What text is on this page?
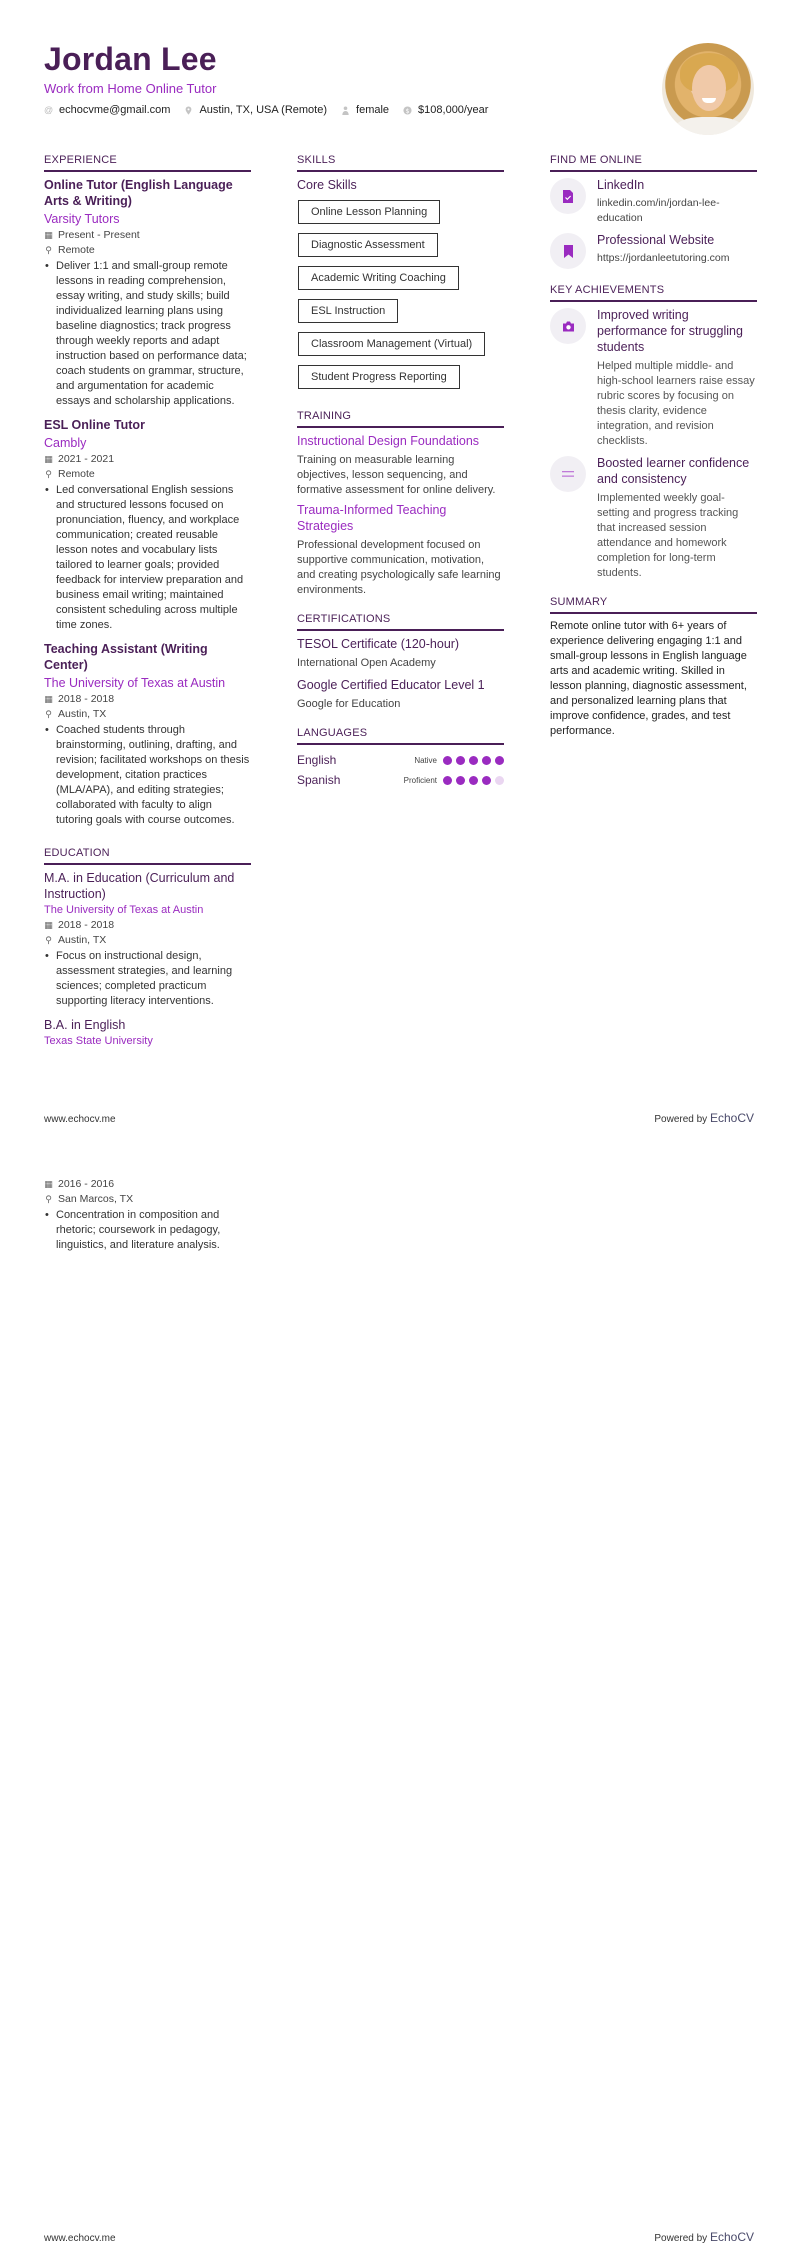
Jordan Lee
Work from Home Online Tutor
@ echocvme@gmail.com	Austin, TX, USA (Remote)	female $ $108,000/year
EXPERIENCE
Online Tutor (English Language Arts & Writing)
Varsity Tutors
▦ Present - Present
⚲ Remote
• Deliver 1:1 and small-group remote lessons in reading comprehension, essay writing, and study skills; build individualized learning plans using baseline diagnostics; track progress through weekly reports and adapt instruction based on performance data; coach students on grammar, structure, and argumentation for academic essays and scholarship applications.
ESL Online Tutor
Cambly
▦ 2021 - 2021
⚲ Remote
• Led conversational English sessions and structured lessons focused on pronunciation, fluency, and workplace communication; created reusable lesson notes and vocabulary lists tailored to learner goals; provided feedback for interview preparation and business email writing; maintained consistent scheduling across multiple time zones.
Teaching Assistant (Writing Center)
The University of Texas at Austin
▦ 2018 - 2018
⚲ Austin, TX
• Coached students through brainstorming, outlining, drafting, and revision; facilitated workshops on thesis development, citation practices (MLA/APA), and editing strategies; collaborated with faculty to align tutoring goals with course outcomes.
EDUCATION
M.A. in Education (Curriculum and Instruction)
The University of Texas at Austin
▦ 2018 - 2018
⚲ Austin, TX
• Focus on instructional design, assessment strategies, and learning sciences; completed practicum supporting literacy interventions.
B.A. in English
Texas State University
SKILLS
Core Skills
Online Lesson Planning
Diagnostic Assessment
Academic Writing Coaching
ESL Instruction
Classroom Management (Virtual)
Student Progress Reporting
TRAINING
Instructional Design Foundations
Training on measurable learning objectives, lesson sequencing, and formative assessment for online delivery.
Trauma-Informed Teaching Strategies
Professional development focused on supportive communication, motivation, and creating psychologically safe learning environments.
CERTIFICATIONS
TESOL Certificate (120-hour)
International Open Academy
Google Certified Educator Level 1
Google for Education
LANGUAGES
English	Native
Spanish	Proficient
FIND ME ONLINE
LinkedIn
linkedin.com/in/jordan-lee-education
Professional Website
https://jordanleetutoring.com
KEY ACHIEVEMENTS
Improved writing performance for struggling students
Helped multiple middle- and high-school learners raise essay rubric scores by focusing on thesis clarity, evidence integration, and revision checklists.
Boosted learner confidence and consistency
Implemented weekly goal-setting and progress tracking that increased session attendance and homework completion for long-term students.
SUMMARY
Remote online tutor with 6+ years of experience delivering engaging 1:1 and small-group lessons in English language arts and academic writing. Skilled in lesson planning, diagnostic assessment, and personalized learning plans that improve confidence, grades, and test performance.
www.echocv.me	Powered by EchoCV
▦ 2016 - 2016
⚲ San Marcos, TX
• Concentration in composition and rhetoric; coursework in pedagogy, linguistics, and literature analysis.
www.echocv.me	Powered by EchoCV
